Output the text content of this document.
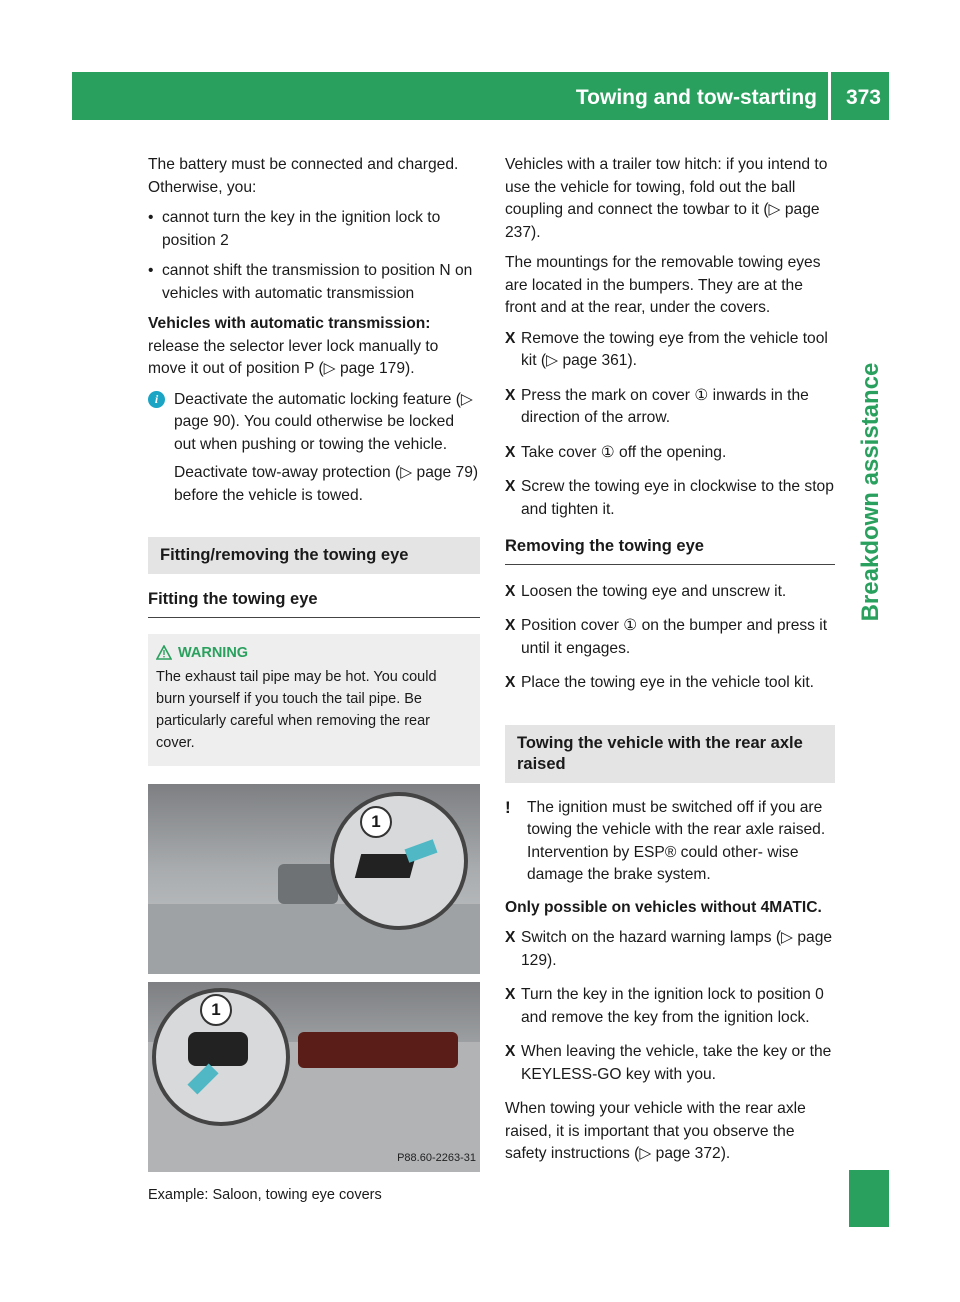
Towing and tow-starting 373
Breakdown assistance

The battery must be connected and charged. Otherwise, you:

• cannot turn the key in the ignition lock to position 2
• cannot shift the transmission to position N on vehicles with automatic transmission

Vehicles with automatic transmission:
release the selector lever lock manually to move it out of position P (▷ page 179).

i	Deactivate the automatic locking feature (▷ page 90). You could otherwise be locked out when pushing or towing the vehicle.

Deactivate tow-away protection (▷ page 79) before the vehicle is towed.

Fitting/removing the towing eye
Fitting the towing eye
WARNING
The exhaust tail pipe may be hot. You could burn yourself if you touch the tail pipe. Be particularly careful when removing the rear cover.
1
1
P88.60-2263-31
Example: Saloon, towing eye covers

Vehicles with a trailer tow hitch: if you intend to use the vehicle for towing, fold out the ball coupling and connect the towbar to it (▷ page 237).

The mountings for the removable towing eyes are located in the bumpers. They are at the front and at the rear, under the covers.

X Remove the towing eye from the vehicle tool kit (▷ page 361).
X Press the mark on cover ① inwards in the direction of the arrow.
X Take cover ① off the opening.
X Screw the towing eye in clockwise to the stop and tighten it.
Removing the towing eye
X Loosen the towing eye and unscrew it.
X Position cover ① on the bumper and press it until it engages.
X Place the towing eye in the vehicle tool kit.
Towing the vehicle with the rear axle raised
! The ignition must be switched off if you are towing the vehicle with the rear axle raised. Intervention by ESP® could other- wise damage the brake system.

Only possible on vehicles without 4MATIC.

X Switch on the hazard warning lamps (▷ page 129).
X Turn the key in the ignition lock to position 0 and remove the key from the ignition lock.
X When leaving the vehicle, take the key or the KEYLESS-GO key with you.

When towing your vehicle with the rear axle raised, it is important that you observe the safety instructions (▷ page 372).
